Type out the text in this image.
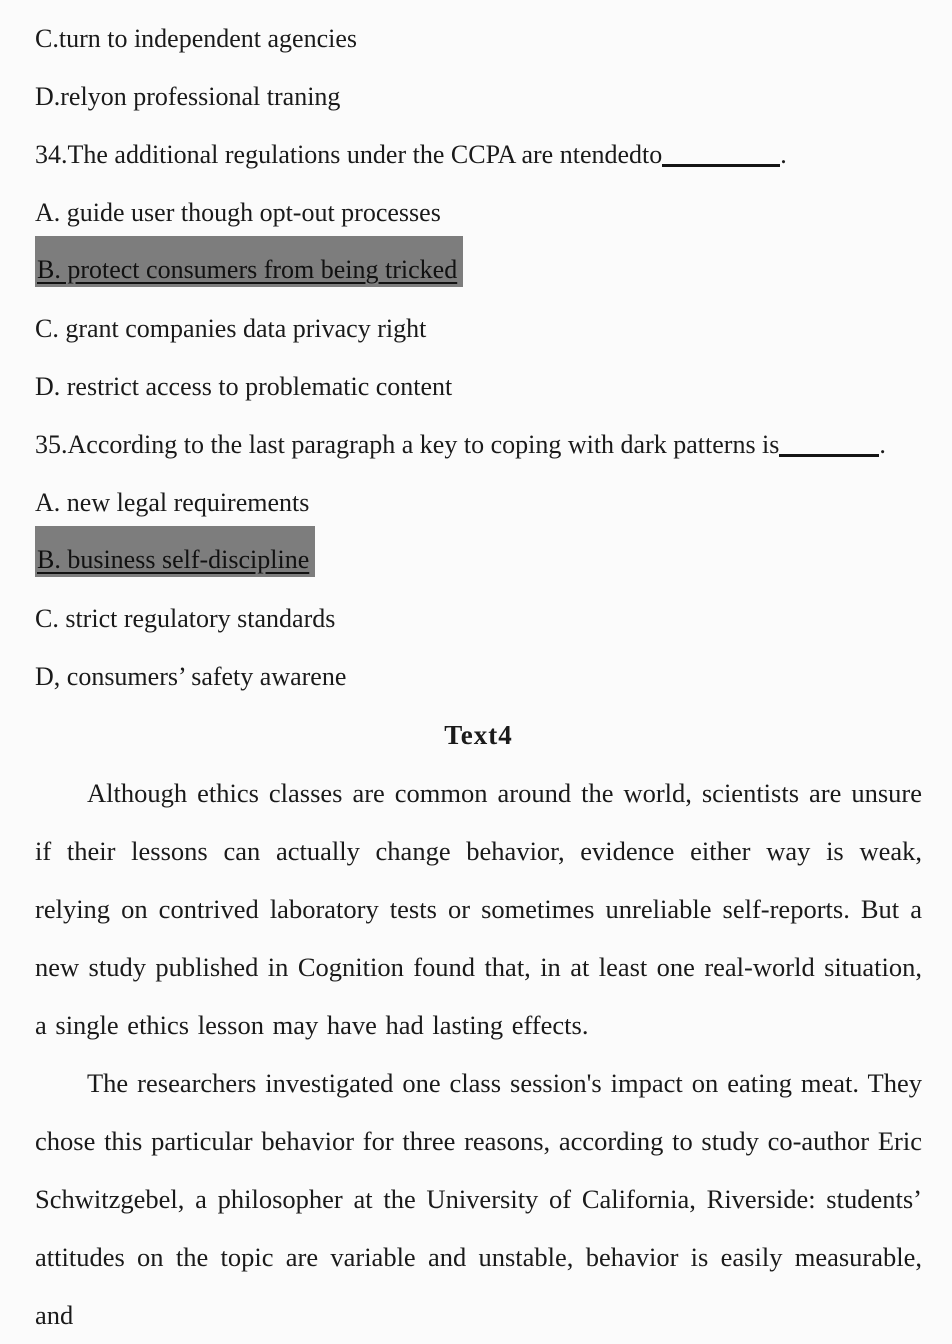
C.turn to independent agencies
D.relyon professional traning
34.The additional regulations under the CCPA are ntendedto	.
A. guide user though opt-out processes
B. protect consumers from being tricked
C. grant companies data privacy right
D. restrict access to problematic content
35.According to the last paragraph a key to coping with dark patterns is	.
A. new legal requirements
B. business self-discipline
C. strict regulatory standards
D, consumers’ safety awarene
Text4

Although ethics classes are common around the world, scientists are unsure if their lessons can actually change behavior, evidence either way is weak, relying on contrived laboratory tests or sometimes unreliable self-reports. But a new study published in Cognition found that, in at least one real-world situation, a single ethics lesson may have had lasting effects.

The researchers investigated one class session's impact on eating meat. They chose this particular behavior for three reasons, according to study co-author Eric Schwitzgebel, a philosopher at the University of California, Riverside: students’ attitudes on the topic are variable and unstable, behavior is easily measurable, and
